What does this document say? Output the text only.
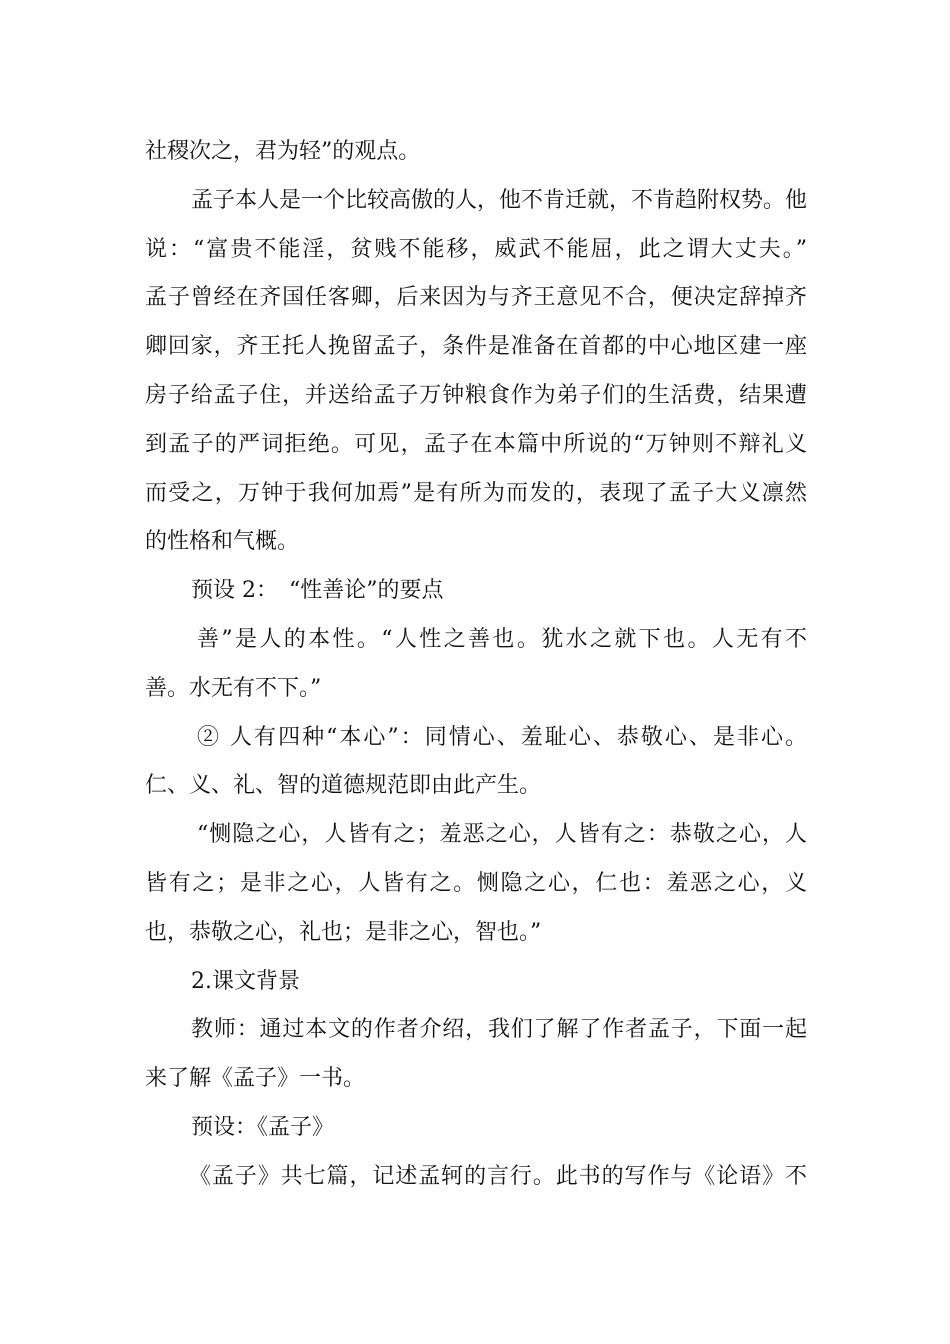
社稷次之，君为轻”的观点。
孟子本人是一个比较高傲的人，他不肯迁就，不肯趋附权势。他
说：“富贵不能淫，贫贱不能移，威武不能屈，此之谓大丈夫。”
孟子曾经在齐国任客卿，后来因为与齐王意见不合，便决定辞掉齐
卿回家，齐王托人挽留孟子，条件是准备在首都的中心地区建一座
房子给孟子住，并送给孟子万钟粮食作为弟子们的生活费，结果遭
到孟子的严词拒绝。可见，孟子在本篇中所说的“万钟则不辩礼义
而受之，万钟于我何加焉”是有所为而发的，表现了孟子大义凛然
的性格和气概。
预设 2：　“性善论”的要点
善”是人的本性。“人性之善也。犹水之就下也。人无有不
善。水无有不下。”
② 人有四种“本心”：同情心、羞耻心、恭敬心、是非心。
仁、义、礼、智的道德规范即由此产生。
“恻隐之心，人皆有之；羞恶之心，人皆有之：恭敬之心，人
皆有之；是非之心，人皆有之。恻隐之心，仁也：羞恶之心，义
也，恭敬之心，礼也；是非之心，智也。”
2.课文背景
教师：通过本文的作者介绍，我们了解了作者孟子，下面一起
来了解《孟子》一书。
预设：《孟子》
《孟子》共七篇，记述孟轲的言行。此书的写作与《论语》不
